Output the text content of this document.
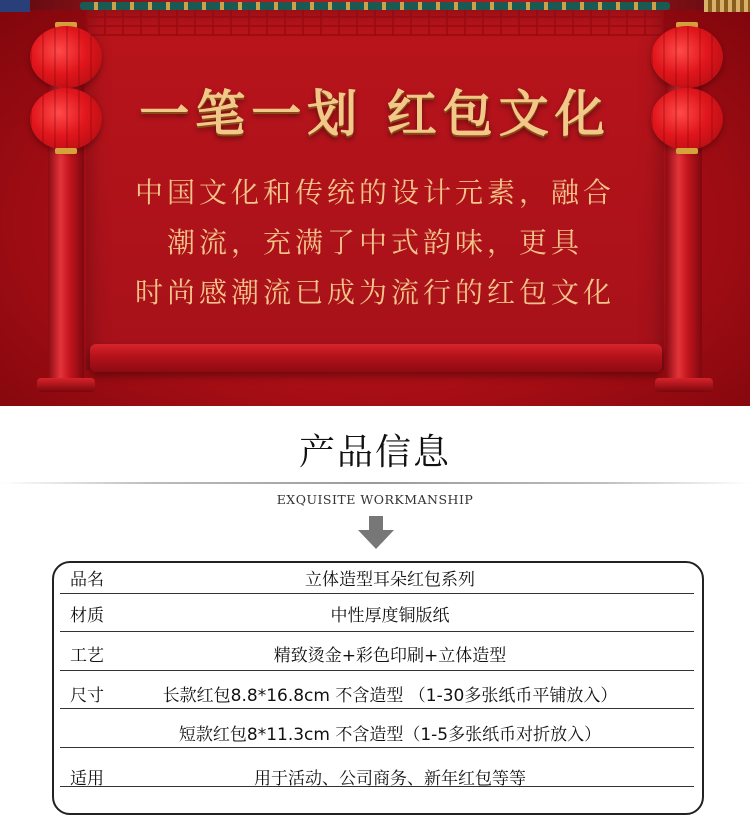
一笔一划 红包文化
中国文化和传统的设计元素，融合
潮流，充满了中式韵味，更具
时尚感潮流已成为流行的红包文化
产品信息
EXQUISITE WORKMANSHIP
品名	立体造型耳朵红包系列
材质	中性厚度铜版纸
工艺	精致烫金+彩色印刷+立体造型
尺寸	长款红包8.8*16.8cm 不含造型 （1-30多张纸币平铺放入）
短款红包8*11.3cm 不含造型（1-5多张纸币对折放入）
适用	用于活动、公司商务、新年红包等等
